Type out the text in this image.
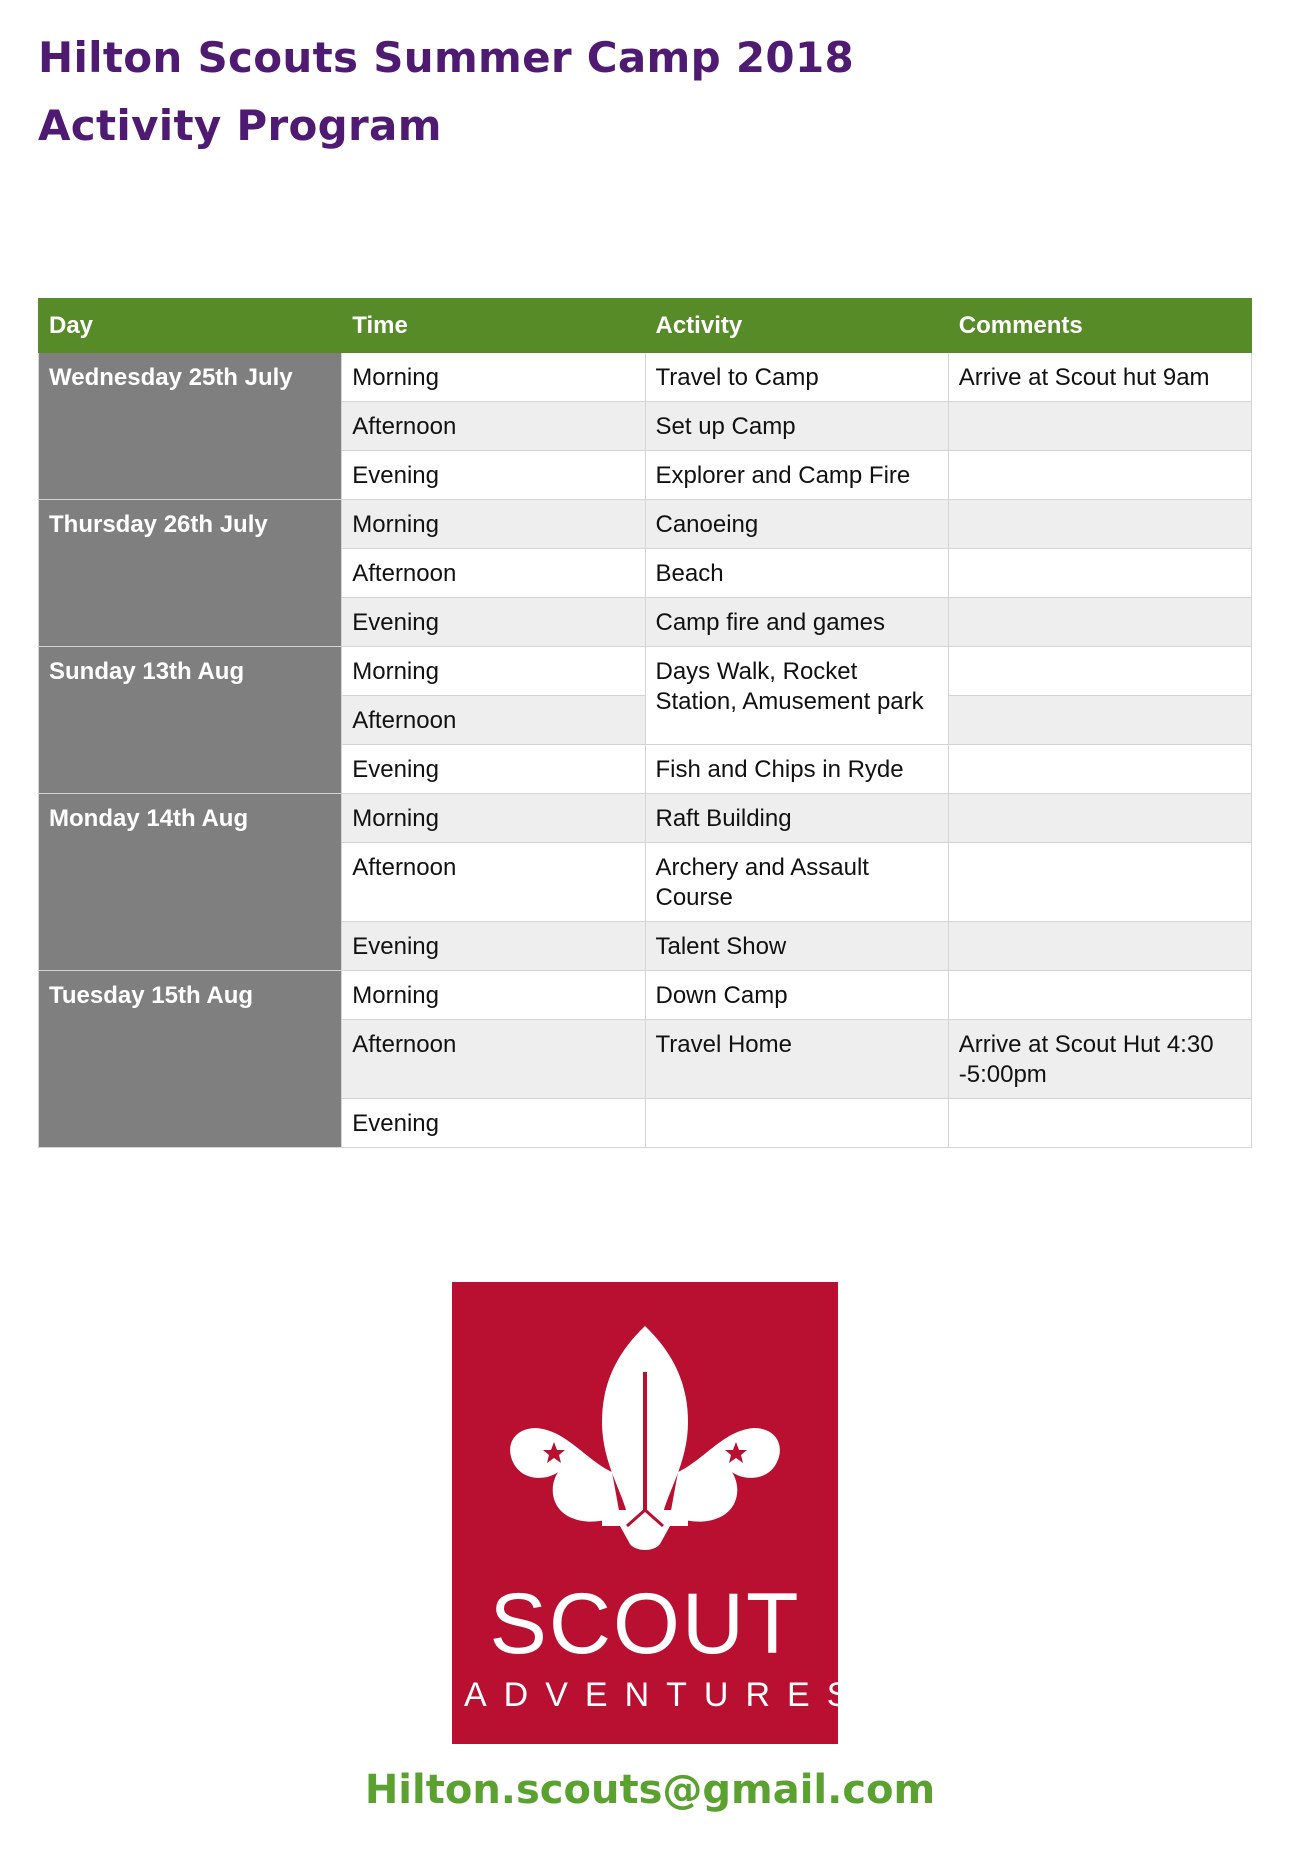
Hilton Scouts Summer Camp 2018
Activity Program
Day	Time	Activity	Comments
Wednesday 25th July	Morning	Travel to Camp	Arrive at Scout hut 9am
	Afternoon	Set up Camp	
	Evening	Explorer and Camp Fire	
Thursday 26th July	Morning	Canoeing	
	Afternoon	Beach	
	Evening	Camp fire and games	
Sunday 13th Aug	Morning	Days Walk, Rocket Station, Amusement park	
	Afternoon		
	Evening	Fish and Chips in Ryde	
Monday 14th Aug	Morning	Raft Building	
	Afternoon	Archery and Assault Course	
	Evening	Talent Show	
Tuesday 15th Aug	Morning	Down Camp	
	Afternoon	Travel Home	Arrive at Scout Hut 4:30 -5:00pm
	Evening		
SCOUT
ADVENTURES
Hilton.scouts@gmail.com
